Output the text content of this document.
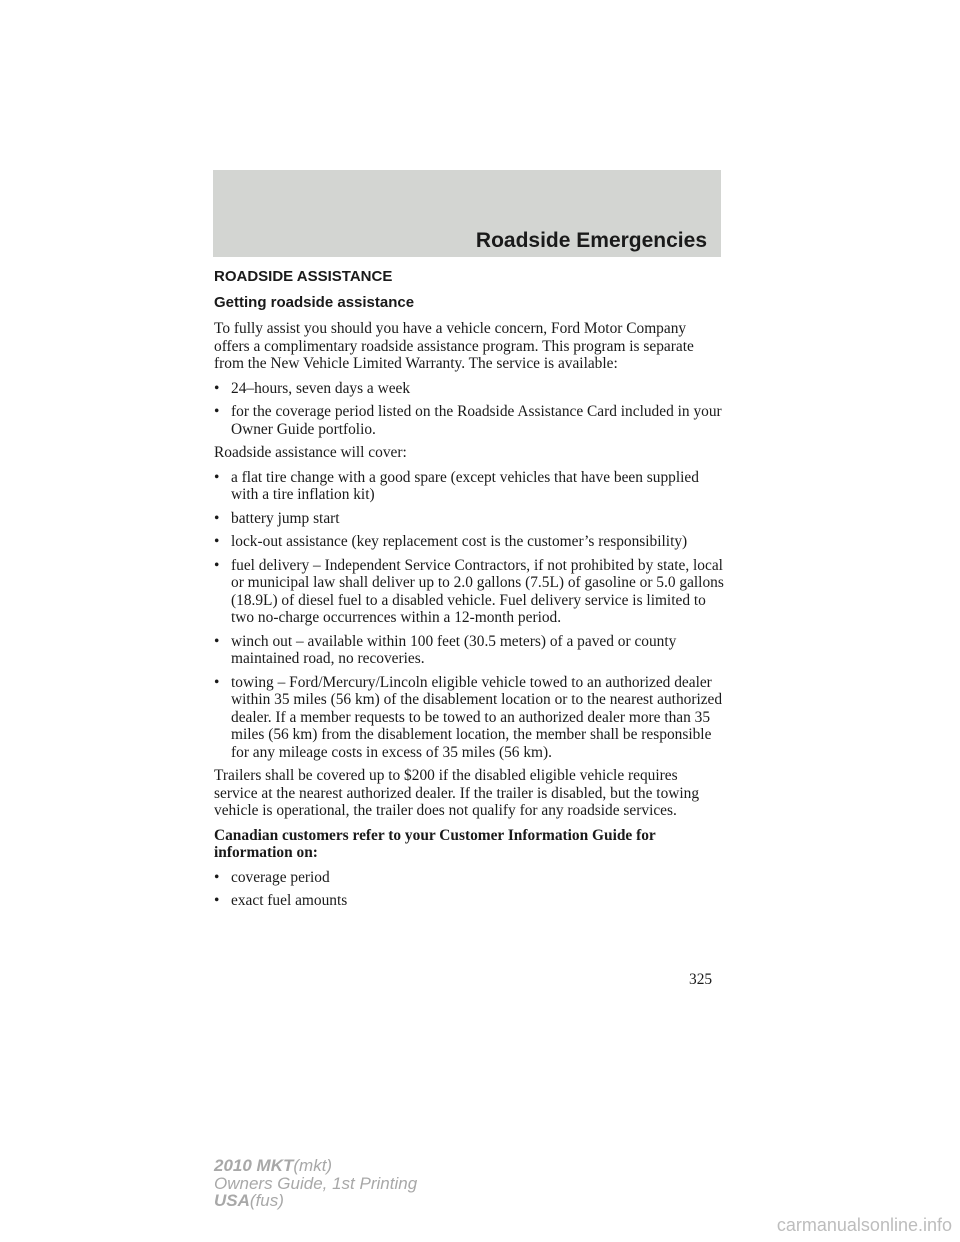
Roadside Emergencies
ROADSIDE ASSISTANCE
Getting roadside assistance

To fully assist you should you have a vehicle concern, Ford Motor Company offers a complimentary roadside assistance program. This program is separate from the New Vehicle Limited Warranty. The service is available:

• 24–hours, seven days a week
• for the coverage period listed on the Roadside Assistance Card included in your Owner Guide portfolio.

Roadside assistance will cover:

• a flat tire change with a good spare (except vehicles that have been supplied with a tire inflation kit)
• battery jump start
• lock-out assistance (key replacement cost is the customer’s responsibility)
• fuel delivery – Independent Service Contractors, if not prohibited by state, local or municipal law shall deliver up to 2.0 gallons (7.5L) of gasoline or 5.0 gallons (18.9L) of diesel fuel to a disabled vehicle. Fuel delivery service is limited to two no-charge occurrences within a 12-month period.
• winch out – available within 100 feet (30.5 meters) of a paved or county maintained road, no recoveries.
• towing – Ford/Mercury/Lincoln eligible vehicle towed to an authorized dealer within 35 miles (56 km) of the disablement location or to the nearest authorized dealer. If a member requests to be towed to an authorized dealer more than 35 miles (56 km) from the disablement location, the member shall be responsible for any mileage costs in excess of 35 miles (56 km).

Trailers shall be covered up to $200 if the disabled eligible vehicle requires service at the nearest authorized dealer. If the trailer is disabled, but the towing vehicle is operational, the trailer does not qualify for any roadside services.

Canadian customers refer to your Customer Information Guide for information on:

• coverage period
• exact fuel amounts
325
2010 MKT(mkt)
Owners Guide, 1st Printing
USA(fus)
carmanualsonline.info
